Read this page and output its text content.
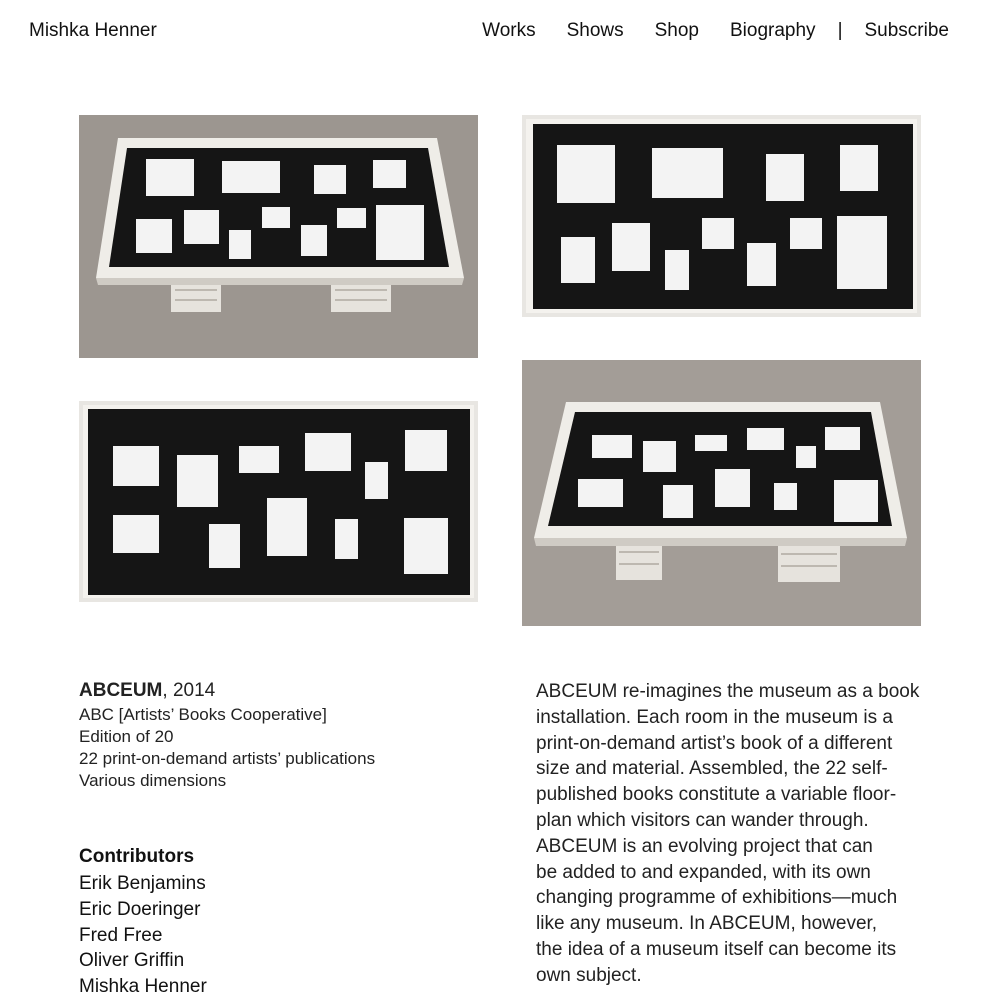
Mishka Henner	Works Shows Shop Biography | Subscribe
ABCEUM, 2014
ABC [Artists’ Books Cooperative]
Edition of 20
22 print-on-demand artists’ publications
Various dimensions
Contributors
Erik Benjamins
Eric Doeringer
Fred Free
Oliver Griffin
Mishka Henner
ABCEUM re-imagines the museum as a book
installation. Each room in the museum is a
print-on-demand artist’s book of a different
size and material. Assembled, the 22 self-
published books constitute a variable floor-
plan which visitors can wander through.
ABCEUM is an evolving project that can
be added to and expanded, with its own
changing programme of exhibitions—much
like any museum. In ABCEUM, however,
the idea of a museum itself can become its
own subject.
